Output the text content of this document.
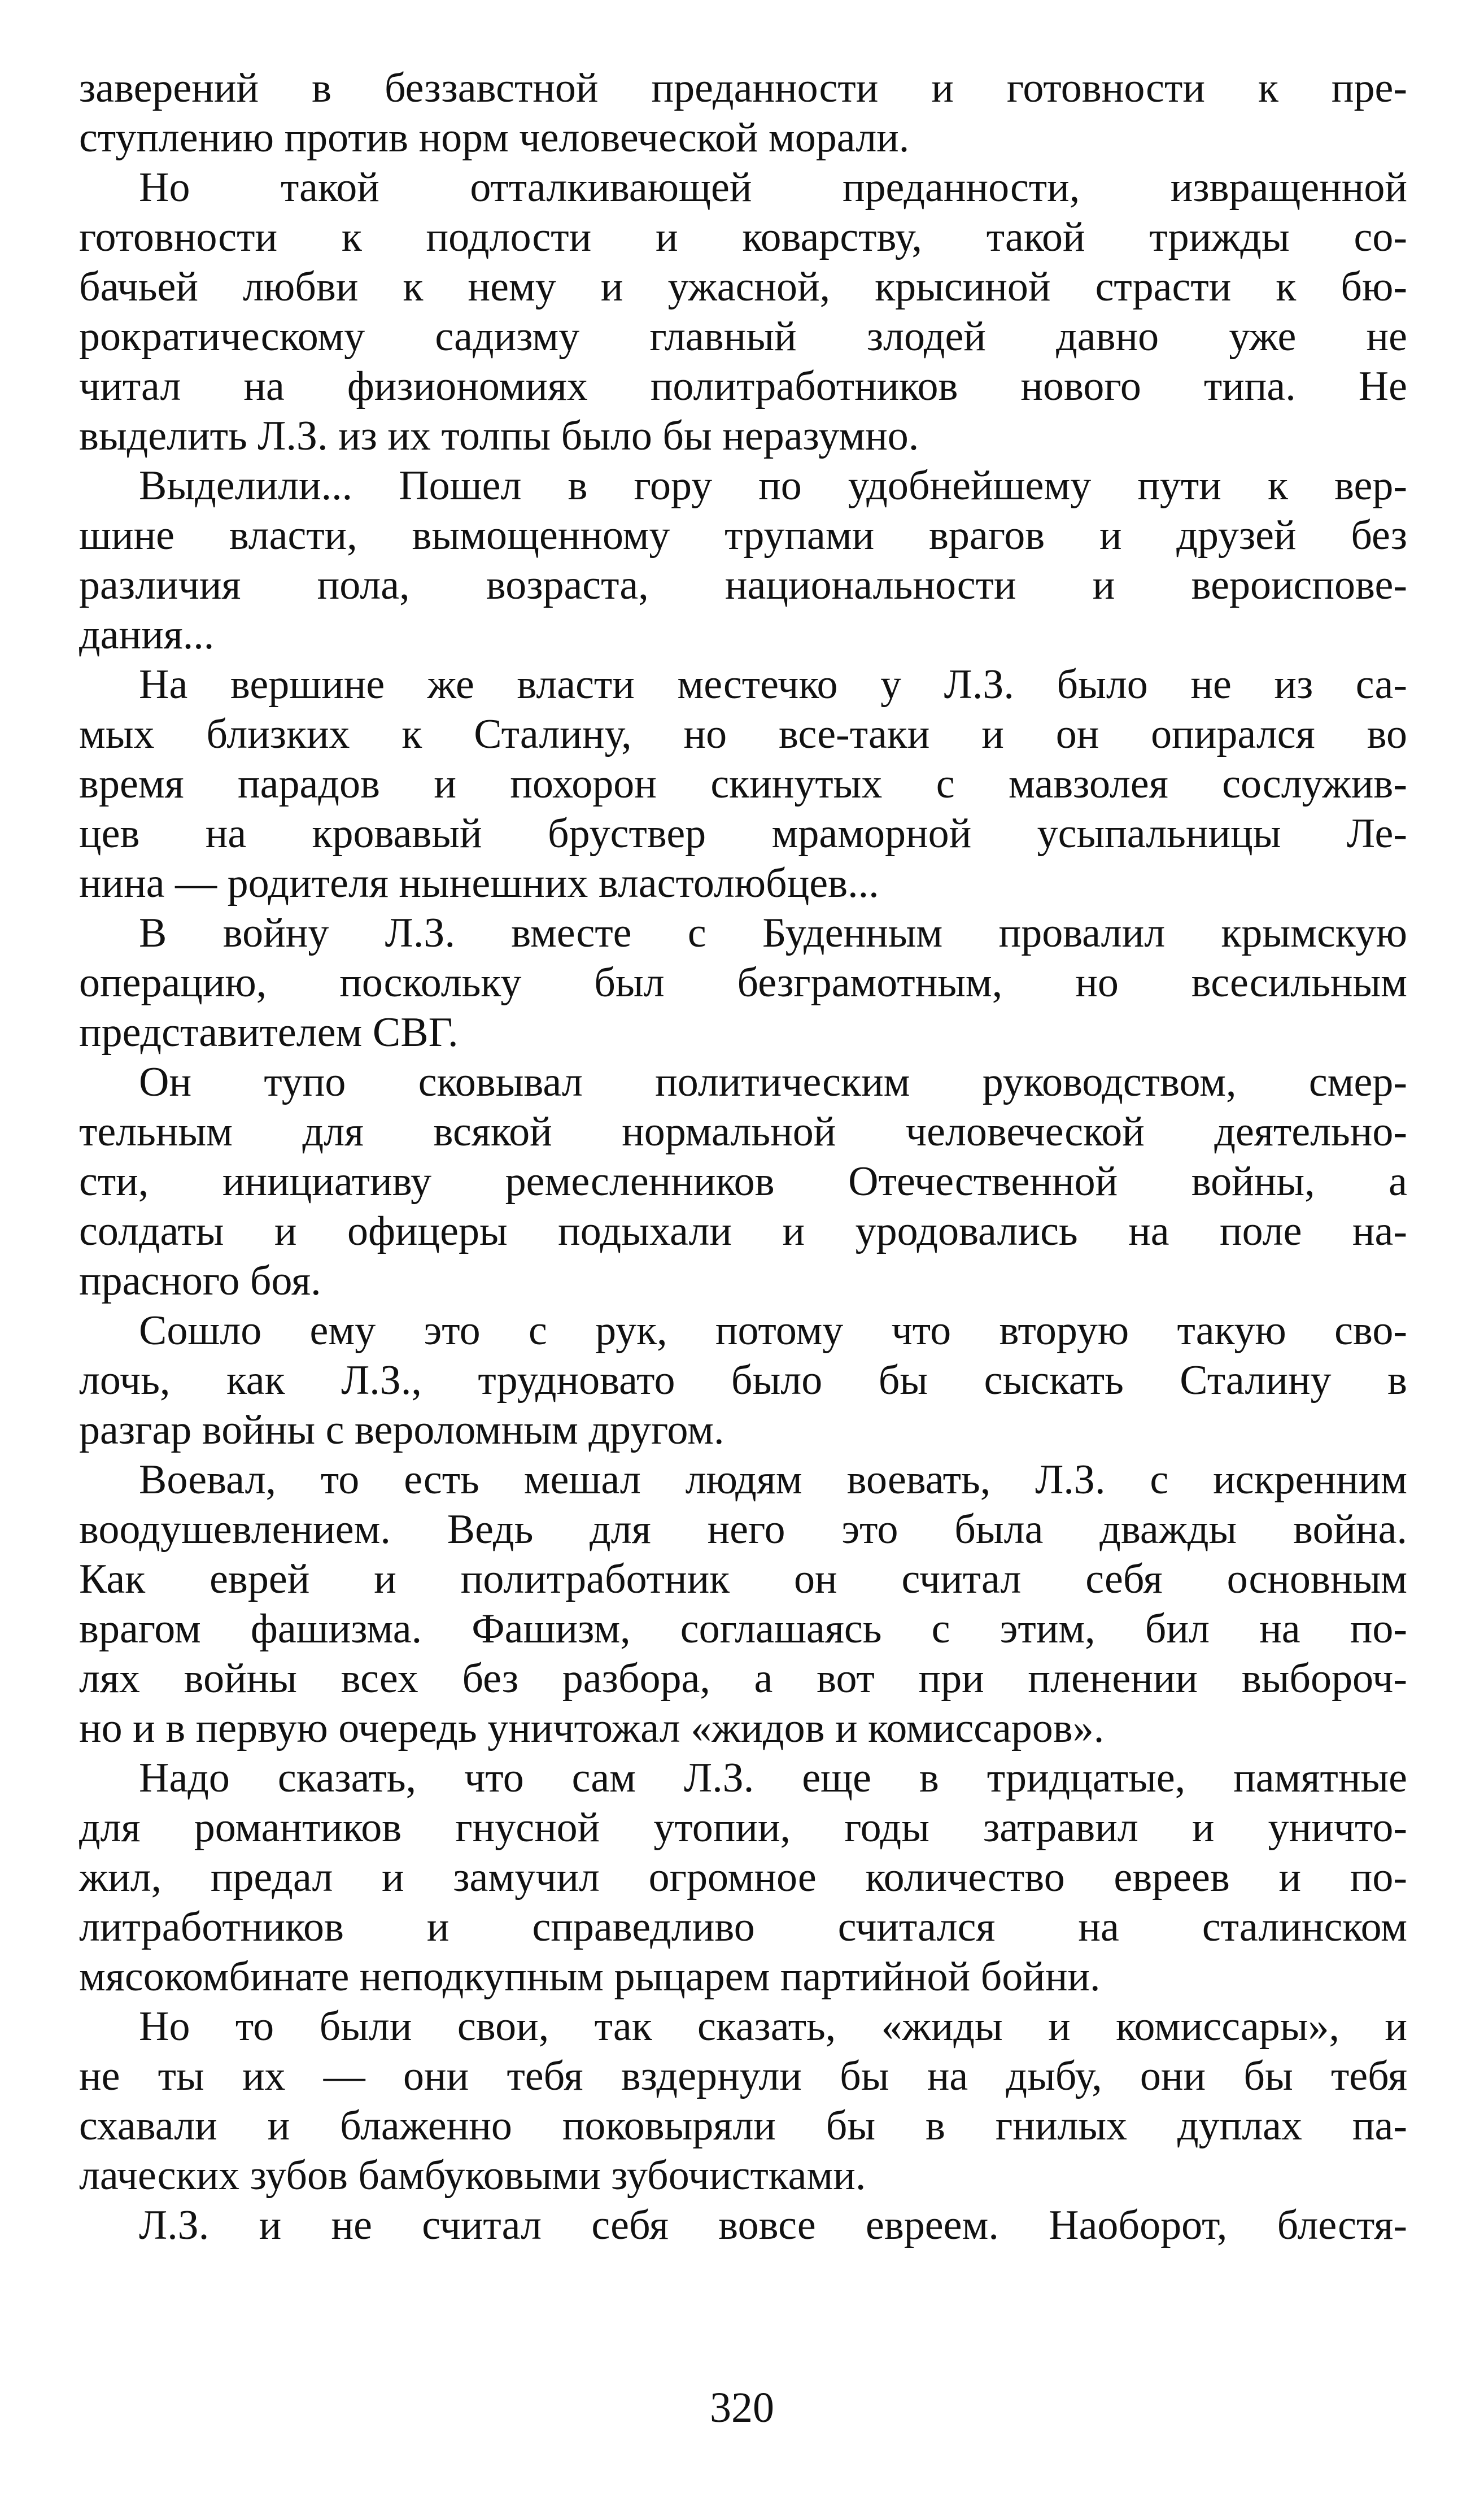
заверений в беззавстной преданности и готовности к пре-
ступлению против норм человеческой морали.
Но такой отталкивающей преданности, извращенной
готовности к подлости и коварству, такой трижды со-
бачьей любви к нему и ужасной, крысиной страсти к бю-
рократическому садизму главный злодей давно уже не
читал на физиономиях политработников нового типа. Не
выделить Л.З. из их толпы было бы неразумно.
Выделили... Пошел в гору по удобнейшему пути к вер-
шине власти, вымощенному трупами врагов и друзей без
различия пола, возраста, национальности и вероиспове-
дания...
На вершине же власти местечко у Л.З. было не из са-
мых близких к Сталину, но все-таки и он опирался во
время парадов и похорон скинутых с мавзолея сослужив-
цев на кровавый бруствер мраморной усыпальницы Ле-
нина — родителя нынешних властолюбцев...
В войну Л.З. вместе с Буденным провалил крымскую
операцию, поскольку был безграмотным, но всесильным
представителем СВГ.
Он тупо сковывал политическим руководством, смер-
тельным для всякой нормальной человеческой деятельно-
сти, инициативу ремесленников Отечественной войны, а
солдаты и офицеры подыхали и уродовались на поле на-
прасного боя.
Сошло ему это с рук, потому что вторую такую сво-
лочь, как Л.З., трудновато было бы сыскать Сталину в
разгар войны с вероломным другом.
Воевал, то есть мешал людям воевать, Л.З. с искренним
воодушевлением. Ведь для него это была дважды война.
Как еврей и политработник он считал себя основным
врагом фашизма. Фашизм, соглашаясь с этим, бил на по-
лях войны всех без разбора, а вот при пленении выбороч-
но и в первую очередь уничтожал «жидов и комиссаров».
Надо сказать, что сам Л.З. еще в тридцатые, памятные
для романтиков гнусной утопии, годы затравил и уничто-
жил, предал и замучил огромное количество евреев и по-
литработников и справедливо считался на сталинском
мясокомбинате неподкупным рыцарем партийной бойни.
Но то были свои, так сказать, «жиды и комиссары», и
не ты их — они тебя вздернули бы на дыбу, они бы тебя
схавали и блаженно поковыряли бы в гнилых дуплах па-
лаческих зубов бамбуковыми зубочистками.
Л.З. и не считал себя вовсе евреем. Наоборот, блестя-
320
